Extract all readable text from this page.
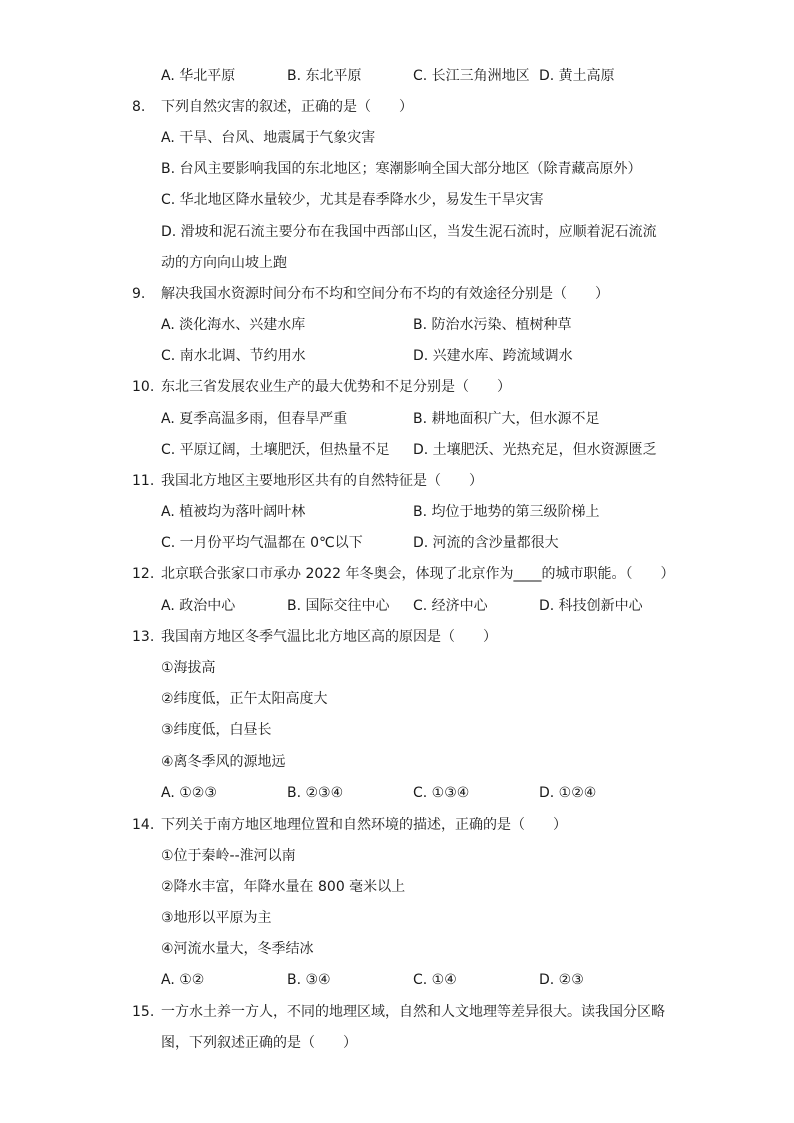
A. 华北平原	B. 东北平原	C. 长江三角洲地区 D. 黄土高原
8.	下列自然灾害的叙述，正确的是（　　）
A. 干旱、台风、地震属于气象灾害
B. 台风主要影响我国的东北地区；寒潮影响全国大部分地区（除青藏高原外）
C. 华北地区降水量较少，尤其是春季降水少，易发生干旱灾害
D. 滑坡和泥石流主要分布在我国中西部山区，当发生泥石流时，应顺着泥石流流
动的方向向山坡上跑
9.	解决我国水资源时间分布不均和空间分布不均的有效途径分别是（　　）
A. 淡化海水、兴建水库	B. 防治水污染、植树种草
C. 南水北调、节约用水	D. 兴建水库、跨流域调水
10. 东北三省发展农业生产的最大优势和不足分别是（　　）
A. 夏季高温多雨，但春旱严重	B. 耕地面积广大，但水源不足
C. 平原辽阔，土壤肥沃，但热量不足 D. 土壤肥沃、光热充足，但水资源匮乏
11. 我国北方地区主要地形区共有的自然特征是（　　）
A. 植被均为落叶阔叶林	B. 均位于地势的第三级阶梯上
C. 一月份平均气温都在 0℃以下	D. 河流的含沙量都很大
12. 北京联合张家口市承办 2022 年冬奥会，体现了北京作为____的城市职能。（　　）
A. 政治中心	B. 国际交往中心 C. 经济中心	D. 科技创新中心
13. 我国南方地区冬季气温比北方地区高的原因是（　　）
①海拔高
②纬度低，正午太阳高度大
③纬度低，白昼长
④离冬季风的源地远
A. ①②③	B. ②③④	C. ①③④	D. ①②④
14. 下列关于南方地区地理位置和自然环境的描述，正确的是（　　）
①位于秦岭--淮河以南
②降水丰富，年降水量在 800 毫米以上
③地形以平原为主
④河流水量大，冬季结冰
A. ①②	B. ③④	C. ①④	D. ②③
15. 一方水土养一方人，不同的地理区域，自然和人文地理等差异很大。读我国分区略
图，下列叙述正确的是（　　）
